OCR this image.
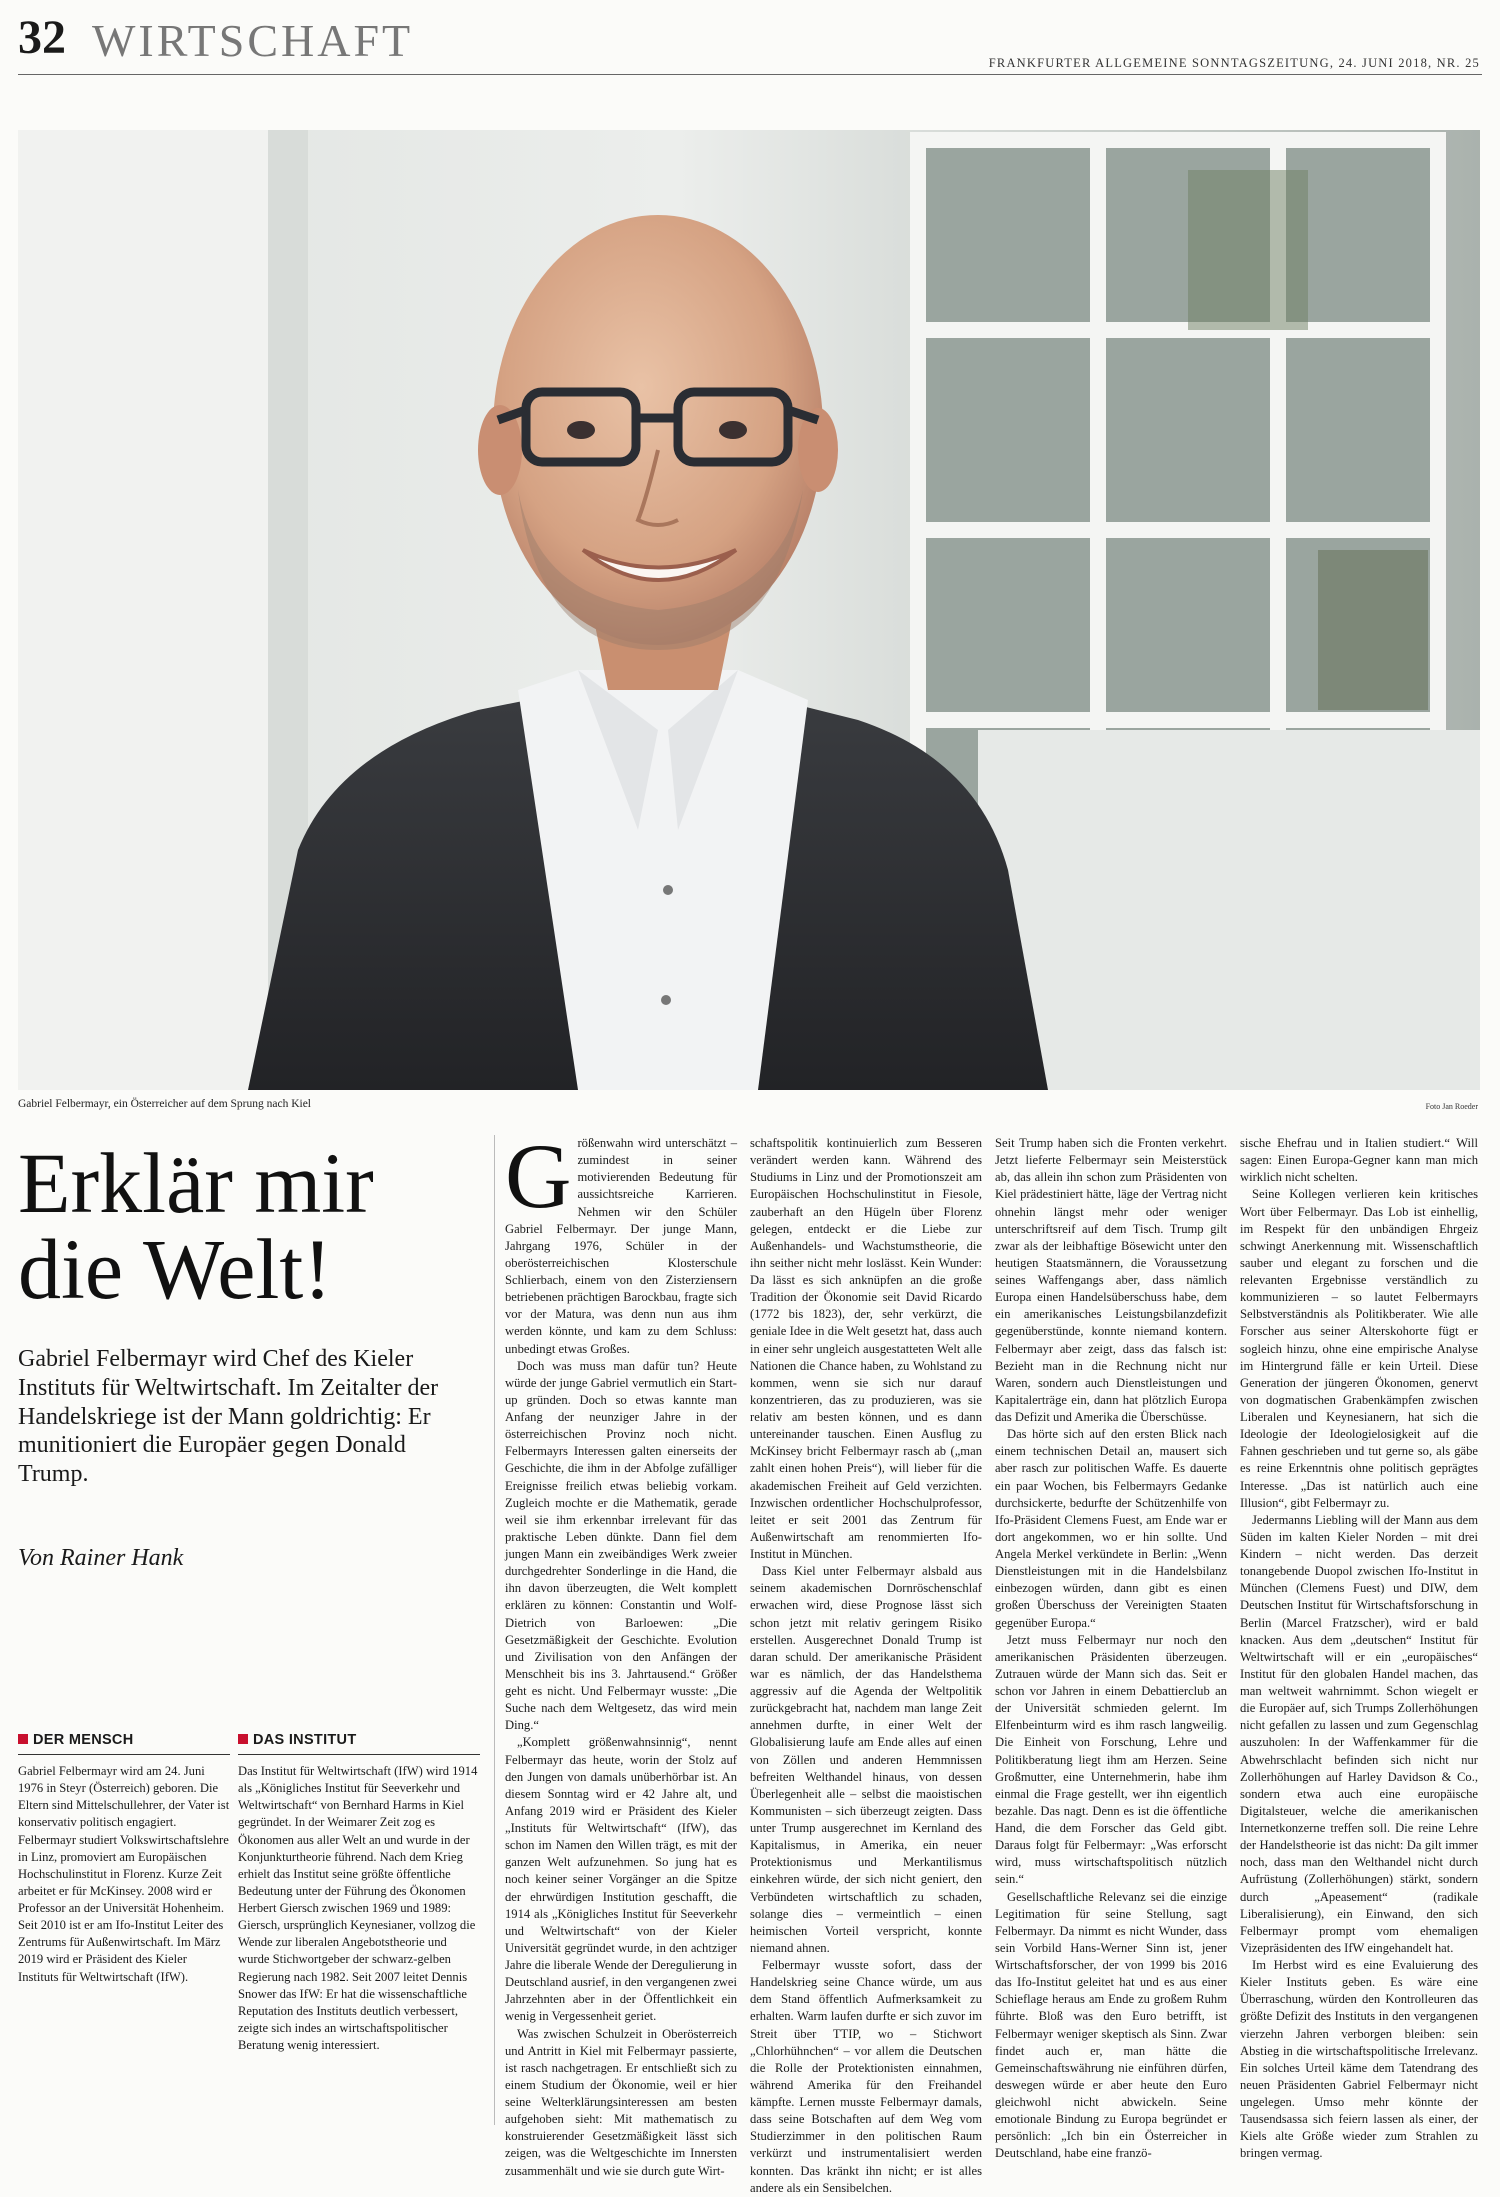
32 WIRTSCHAFT	FRANKFURTER ALLGEMEINE SONNTAGSZEITUNG, 24. JUNI 2018, NR. 25
Gabriel Felbermayr, ein Österreicher auf dem Sprung nach Kiel	Foto Jan Roeder
Erklär mir die Welt!

Gabriel Felbermayr wird Chef des Kieler Instituts für Weltwirtschaft. Im Zeitalter der Handelskriege ist der Mann goldrichtig: Er munitioniert die Europäer gegen Donald Trump.

Von Rainer Hank
DER MENSCH
Gabriel Felbermayr wird am 24. Juni 1976 in Steyr (Österreich) geboren. Die Eltern sind Mittelschullehrer, der Vater ist konservativ politisch engagiert. Felbermayr studiert Volkswirtschaftslehre in Linz, promoviert am Europäischen Hochschulinstitut in Florenz. Kurze Zeit arbeitet er für McKinsey. 2008 wird er Professor an der Universität Hohenheim. Seit 2010 ist er am Ifo-Institut Leiter des Zentrums für Außenwirtschaft. Im März 2019 wird er Präsident des Kieler Instituts für Weltwirtschaft (IfW).
DAS INSTITUT
Das Institut für Weltwirtschaft (IfW) wird 1914 als „Königliches Institut für Seeverkehr und Weltwirtschaft“ von Bernhard Harms in Kiel gegründet. In der Weimarer Zeit zog es Ökonomen aus aller Welt an und wurde in der Konjunkturtheorie führend. Nach dem Krieg erhielt das Institut seine größte öffentliche Bedeutung unter der Führung des Ökonomen Herbert Giersch zwischen 1969 und 1989: Giersch, ursprünglich Keynesianer, vollzog die Wende zur liberalen Angebotstheorie und wurde Stichwortgeber der schwarz-gelben Regierung nach 1982. Seit 2007 leitet Dennis Snower das IfW: Er hat die wissenschaftliche Reputation des Instituts deutlich verbessert, zeigte sich indes an wirtschaftspolitischer Beratung wenig interessiert.
G rößenwahn wird unterschätzt – zumindest in seiner motivierenden Bedeutung für aussichtsreiche Karrieren. Nehmen wir den Schüler Gabriel Felbermayr. Der junge Mann, Jahrgang 1976, Schüler in der oberösterreichischen Klosterschule Schlierbach, einem von den Zisterziensern betriebenen prächtigen Barockbau, fragte sich vor der Matura, was denn nun aus ihm werden könnte, und kam zu dem Schluss: unbedingt etwas Großes.

Doch was muss man dafür tun? Heute würde der junge Gabriel vermutlich ein Start-up gründen. Doch so etwas kannte man Anfang der neunziger Jahre in der österreichischen Provinz noch nicht. Felbermayrs Interessen galten einerseits der Geschichte, die ihm in der Abfolge zufälliger Ereignisse freilich etwas beliebig vorkam. Zugleich mochte er die Mathematik, gerade weil sie ihm erkennbar irrelevant für das praktische Leben dünkte. Dann fiel dem jungen Mann ein zweibändiges Werk zweier durchgedrehter Sonderlinge in die Hand, die ihn davon überzeugten, die Welt komplett erklären zu können: Constantin und Wolf-Dietrich von Barloewen: „Die Gesetzmäßigkeit der Geschichte. Evolution und Zivilisation von den Anfängen der Menschheit bis ins 3. Jahrtausend.“ Größer geht es nicht. Und Felbermayr wusste: „Die Suche nach dem Weltgesetz, das wird mein Ding.“

„Komplett größenwahnsinnig“, nennt Felbermayr das heute, worin der Stolz auf den Jungen von damals unüberhörbar ist. An diesem Sonntag wird er 42 Jahre alt, und Anfang 2019 wird er Präsident des Kieler „Instituts für Weltwirtschaft“ (IfW), das schon im Namen den Willen trägt, es mit der ganzen Welt aufzunehmen. So jung hat es noch keiner seiner Vorgänger an die Spitze der ehrwürdigen Institution geschafft, die 1914 als „Königliches Institut für Seeverkehr und Weltwirtschaft“ von der Kieler Universität gegründet wurde, in den achtziger Jahre die liberale Wende der Deregulierung in Deutschland ausrief, in den vergangenen zwei Jahrzehnten aber in der Öffentlichkeit ein wenig in Vergessenheit geriet.

Was zwischen Schulzeit in Oberösterreich und Antritt in Kiel mit Felbermayr passierte, ist rasch nachgetragen. Er entschließt sich zu einem Studium der Ökonomie, weil er hier seine Welterklärungsinteressen am besten aufgehoben sieht: Mit mathematisch zu konstruierender Gesetzmäßigkeit lässt sich zeigen, was die Weltgeschichte im Innersten zusammenhält und wie sie durch gute Wirt-

schaftspolitik kontinuierlich zum Besseren verändert werden kann. Während des Studiums in Linz und der Promotionszeit am Europäischen Hochschulinstitut in Fiesole, zauberhaft an den Hügeln über Florenz gelegen, entdeckt er die Liebe zur Außenhandels- und Wachstumstheorie, die ihn seither nicht mehr loslässt. Kein Wunder: Da lässt es sich anknüpfen an die große Tradition der Ökonomie seit David Ricardo (1772 bis 1823), der, sehr verkürzt, die geniale Idee in die Welt gesetzt hat, dass auch in einer sehr ungleich ausgestatteten Welt alle Nationen die Chance haben, zu Wohlstand zu kommen, wenn sie sich nur darauf konzentrieren, das zu produzieren, was sie relativ am besten können, und es dann untereinander tauschen. Einen Ausflug zu McKinsey bricht Felbermayr rasch ab („man zahlt einen hohen Preis“), will lieber für die akademischen Freiheit auf Geld verzichten. Inzwischen ordentlicher Hochschulprofessor, leitet er seit 2001 das Zentrum für Außenwirtschaft am renommierten Ifo-Institut in München.

Dass Kiel unter Felbermayr alsbald aus seinem akademischen Dornröschenschlaf erwachen wird, diese Prognose lässt sich schon jetzt mit relativ geringem Risiko erstellen. Ausgerechnet Donald Trump ist daran schuld. Der amerikanische Präsident war es nämlich, der das Handelsthema aggressiv auf die Agenda der Weltpolitik zurückgebracht hat, nachdem man lange Zeit annehmen durfte, in einer Welt der Globalisierung laufe am Ende alles auf einen von Zöllen und anderen Hemmnissen befreiten Welthandel hinaus, von dessen Überlegenheit alle – selbst die maoistischen Kommunisten – sich überzeugt zeigten. Dass unter Trump ausgerechnet im Kernland des Kapitalismus, in Amerika, ein neuer Protektionismus und Merkantilismus einkehren würde, der sich nicht geniert, den Verbündeten wirtschaftlich zu schaden, solange dies – vermeintlich – einen heimischen Vorteil verspricht, konnte niemand ahnen.

Felbermayr wusste sofort, dass der Handelskrieg seine Chance würde, um aus dem Stand öffentlich Aufmerksamkeit zu erhalten. Warm laufen durfte er sich zuvor im Streit über TTIP, wo – Stichwort „Chlorhühnchen“ – vor allem die Deutschen die Rolle der Protektionisten einnahmen, während Amerika für den Freihandel kämpfte. Lernen musste Felbermayr damals, dass seine Botschaften auf dem Weg vom Studierzimmer in den politischen Raum verkürzt und instrumentalisiert werden konnten. Das kränkt ihn nicht; er ist alles andere als ein Sensibelchen.

Seit Trump haben sich die Fronten verkehrt. Jetzt lieferte Felbermayr sein Meisterstück ab, das allein ihn schon zum Präsidenten von Kiel prädestiniert hätte, läge der Vertrag nicht ohnehin längst mehr oder weniger unterschriftsreif auf dem Tisch. Trump gilt zwar als der leibhaftige Bösewicht unter den heutigen Staatsmännern, die Voraussetzung seines Waffengangs aber, dass nämlich Europa einen Handelsüberschuss habe, dem ein amerikanisches Leistungsbilanzdefizit gegenüberstünde, konnte niemand kontern. Felbermayr aber zeigt, dass das falsch ist: Bezieht man in die Rechnung nicht nur Waren, sondern auch Dienstleistungen und Kapitalerträge ein, dann hat plötzlich Europa das Defizit und Amerika die Überschüsse.

Das hörte sich auf den ersten Blick nach einem technischen Detail an, mausert sich aber rasch zur politischen Waffe. Es dauerte ein paar Wochen, bis Felbermayrs Gedanke durchsickerte, bedurfte der Schützenhilfe von Ifo-Präsident Clemens Fuest, am Ende war er dort angekommen, wo er hin sollte. Und Angela Merkel verkündete in Berlin: „Wenn Dienstleistungen mit in die Handelsbilanz einbezogen würden, dann gibt es einen großen Überschuss der Vereinigten Staaten gegenüber Europa.“

Jetzt muss Felbermayr nur noch den amerikanischen Präsidenten überzeugen. Zutrauen würde der Mann sich das. Seit er schon vor Jahren in einem Debattierclub an der Universität schmieden gelernt. Im Elfenbeinturm wird es ihm rasch langweilig. Die Einheit von Forschung, Lehre und Politikberatung liegt ihm am Herzen. Seine Großmutter, eine Unternehmerin, habe ihm einmal die Frage gestellt, wer ihn eigentlich bezahle. Das nagt. Denn es ist die öffentliche Hand, die dem Forscher das Geld gibt. Daraus folgt für Felbermayr: „Was erforscht wird, muss wirtschaftspolitisch nützlich sein.“

Gesellschaftliche Relevanz sei die einzige Legitimation für seine Stellung, sagt Felbermayr. Da nimmt es nicht Wunder, dass sein Vorbild Hans-Werner Sinn ist, jener Wirtschaftsforscher, der von 1999 bis 2016 das Ifo-Institut geleitet hat und es aus einer Schieflage heraus am Ende zu großem Ruhm führte. Bloß was den Euro betrifft, ist Felbermayr weniger skeptisch als Sinn. Zwar findet auch er, man hätte die Gemeinschaftswährung nie einführen dürfen, deswegen würde er aber heute den Euro gleichwohl nicht abwickeln. Seine emotionale Bindung zu Europa begründet er persönlich: „Ich bin ein Österreicher in Deutschland, habe eine franzö-

sische Ehefrau und in Italien studiert.“ Will sagen: Einen Europa-Gegner kann man mich wirklich nicht schelten.

Seine Kollegen verlieren kein kritisches Wort über Felbermayr. Das Lob ist einhellig, im Respekt für den unbändigen Ehrgeiz schwingt Anerkennung mit. Wissenschaftlich sauber und elegant zu forschen und die relevanten Ergebnisse verständlich zu kommunizieren – so lautet Felbermayrs Selbstverständnis als Politikberater. Wie alle Forscher aus seiner Alterskohorte fügt er sogleich hinzu, ohne eine empirische Analyse im Hintergrund fälle er kein Urteil. Diese Generation der jüngeren Ökonomen, genervt von dogmatischen Grabenkämpfen zwischen Liberalen und Keynesianern, hat sich die Ideologie der Ideologielosigkeit auf die Fahnen geschrieben und tut gerne so, als gäbe es reine Erkenntnis ohne politisch geprägtes Interesse. „Das ist natürlich auch eine Illusion“, gibt Felbermayr zu.

Jedermanns Liebling will der Mann aus dem Süden im kalten Kieler Norden – mit drei Kindern – nicht werden. Das derzeit tonangebende Duopol zwischen Ifo-Institut in München (Clemens Fuest) und DIW, dem Deutschen Institut für Wirtschaftsforschung in Berlin (Marcel Fratzscher), wird er bald knacken. Aus dem „deutschen“ Institut für Weltwirtschaft will er ein „europäisches“ Institut für den globalen Handel machen, das man weltweit wahrnimmt. Schon wiegelt er die Europäer auf, sich Trumps Zollerhöhungen nicht gefallen zu lassen und zum Gegenschlag auszuholen: In der Waffenkammer für die Abwehrschlacht befinden sich nicht nur Zollerhöhungen auf Harley Davidson & Co., sondern etwa auch eine europäische Digitalsteuer, welche die amerikanischen Internetkonzerne treffen soll. Die reine Lehre der Handelstheorie ist das nicht: Da gilt immer noch, dass man den Welthandel nicht durch Aufrüstung (Zollerhöhungen) stärkt, sondern durch „Apeasement“ (radikale Liberalisierung), ein Einwand, den sich Felbermayr prompt vom ehemaligen Vizepräsidenten des IfW eingehandelt hat.

Im Herbst wird es eine Evaluierung des Kieler Instituts geben. Es wäre eine Überraschung, würden den Kontrolleuren das größte Defizit des Instituts in den vergangenen vierzehn Jahren verborgen bleiben: sein Abstieg in die wirtschaftspolitische Irrelevanz. Ein solches Urteil käme dem Tatendrang des neuen Präsidenten Gabriel Felbermayr nicht ungelegen. Umso mehr könnte der Tausendsassa sich feiern lassen als einer, der Kiels alte Größe wieder zum Strahlen zu bringen vermag.
